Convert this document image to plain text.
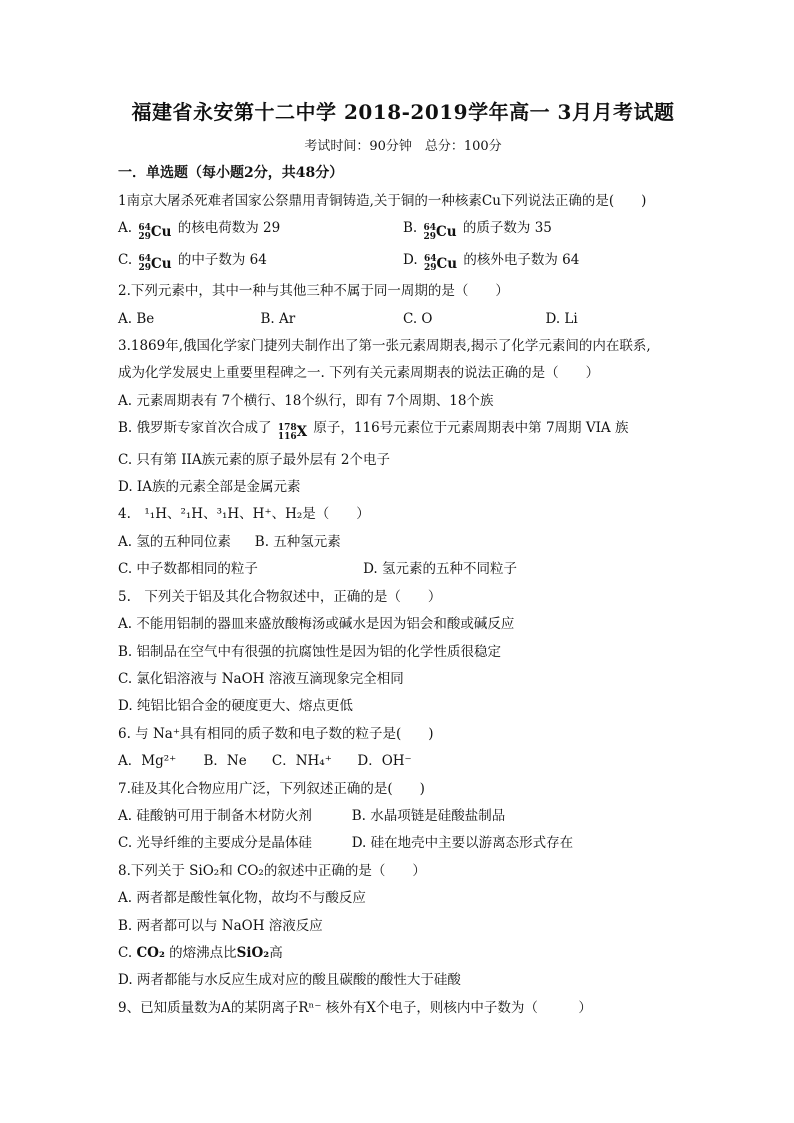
福建省永安第十二中学 2018-2019学年高一 3月月考试题
考试时间：90分钟　总分：100分
一．单选题（每小题2分，共48分）
1南京大屠杀死难者国家公祭鼎用青铜铸造,关于铜的一种核素Cu下列说法正确的是(　　)
A. 64
29 Cu 的核电荷数为 29	B. 64
29 Cu 的质子数为 35
C. 64
29 Cu 的中子数为 64	D. 64
29 Cu 的核外电子数为 64
2.下列元素中，其中一种与其他三种不属于同一周期的是（　　）
A. Be	B. Ar	C. O	D. Li
3.1869年,俄国化学家门捷列夫制作出了第一张元素周期表,揭示了化学元素间的内在联系,
成为化学发展史上重要里程碑之一. 下列有关元素周期表的说法正确的是（　　）
A. 元素周期表有 7个横行、18个纵行，即有 7个周期、18个族
B. 俄罗斯专家首次合成了 178
116 X 原子，116号元素位于元素周期表中第 7周期 VIA 族
C. 只有第 IIA族元素的原子最外层有 2个电子
D. IA族的元素全部是金属元素
4.　¹₁H、²₁H、³₁H、H⁺、H₂是（　　）
A. 氢的五种同位素	B. 五种氢元素
C. 中子数都相同的粒子	D. 氢元素的五种不同粒子
5.　下列关于铝及其化合物叙述中，正确的是（　　）
A. 不能用铝制的器皿来盛放酸梅汤或碱水是因为铝会和酸或碱反应
B. 铝制品在空气中有很强的抗腐蚀性是因为铝的化学性质很稳定
C. 氯化铝溶液与 NaOH 溶液互滴现象完全相同
D. 纯铝比铝合金的硬度更大、熔点更低
6. 与 Na⁺具有相同的质子数和电子数的粒子是(　　)
A．Mg²⁺	B．Ne	C．NH₄⁺	D．OH⁻
7.硅及其化合物应用广泛，下列叙述正确的是(　　)
A. 硅酸钠可用于制备木材防火剂	B. 水晶项链是硅酸盐制品
C. 光导纤维的主要成分是晶体硅	D. 硅在地壳中主要以游离态形式存在
8.下列关于 SiO₂和 CO₂的叙述中正确的是（　　）
A. 两者都是酸性氧化物，故均不与酸反应
B. 两者都可以与 NaOH 溶液反应
C. CO₂ 的熔沸点比SiO₂高
D. 两者都能与水反应生成对应的酸且碳酸的酸性大于硅酸
9、已知质量数为A的某阴离子Rⁿ⁻ 核外有X个电子，则核内中子数为（　　　）
